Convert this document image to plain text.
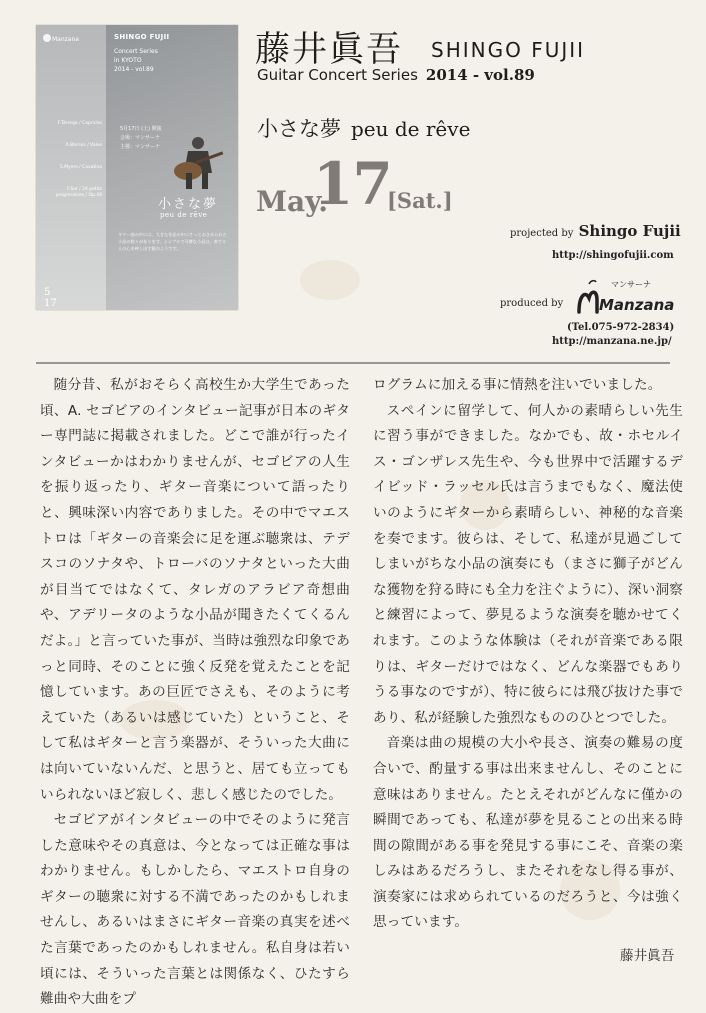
Manzana	SHINGO FUJII
Concert Series
in KYOTO
2014 - vol.89
F.Tárrega / Capricho
A.Barrios / Valse
S.Myers / Cavatina
F.Sor / 24 petits progressives / Op.44
5月17日 (土) 開演
会場：マンサーナ
主催：マンサーナ
小さな夢
peu de rêve
ギター曲の中には、大きな作品の中にそっとおさめられた小品の数々があります。シンプルで可憐な小品は、奏でる人の心を映し出す鏡のようです。
5
17
藤井眞吾 SHINGO FUJII
Guitar Concert Series 2014 - vol.89
小さな夢 peu de rêve
May.
17
[Sat.]
projected by Shingo Fujii
http://shingofujii.com
produced by
マンサーナ
Manzana
(Tel.075-972-2834)
http://manzana.ne.jp/

随分昔、私がおそらく高校生か大学生であった頃、A. セゴビアのインタビュー記事が日本のギター専門誌に掲載されました。どこで誰が行ったインタビューかはわかりませんが、セゴビアの人生を振り返ったり、ギター音楽について語ったりと、興味深い内容でありました。その中でマエストロは「ギターの音楽会に足を運ぶ聴衆は、テデスコのソナタや、トローバのソナタといった大曲が目当てではなくて、タレガのアラビア奇想曲や、アデリータのような小品が聞きたくてくるんだよ。」と言っていた事が、当時は強烈な印象であっと同時、そのことに強く反発を覚えたことを記憶しています。あの巨匠でさえも、そのように考えていた（あるいは感じていた）ということ、そして私はギターと言う楽器が、そういった大曲には向いていないんだ、と思うと、居ても立ってもいられないほど寂しく、悲しく感じたのでした。

セゴビアがインタビューの中でそのように発言した意味やその真意は、今となっては正確な事はわかりません。もしかしたら、マエストロ自身のギターの聴衆に対する不満であったのかもしれませんし、あるいはまさにギター音楽の真実を述べた言葉であったのかもしれません。私自身は若い頃には、そういった言葉とは関係なく、ひたすら難曲や大曲をプ

ログラムに加える事に情熱を注いでいました。

スペインに留学して、何人かの素晴らしい先生に習う事ができました。なかでも、故・ホセルイス・ゴンザレス先生や、今も世界中で活躍するデイビッド・ラッセル氏は言うまでもなく、魔法使いのようにギターから素晴らしい、神秘的な音楽を奏でます。彼らは、そして、私達が見過ごしてしまいがちな小品の演奏にも（まさに獅子がどんな獲物を狩る時にも全力を注ぐように）、深い洞察と練習によって、夢見るような演奏を聴かせてくれます。このような体験は（それが音楽である限りは、ギターだけではなく、どんな楽器でもありうる事なのですが）、特に彼らには飛び抜けた事であり、私が経験した強烈なもののひとつでした。

音楽は曲の規模の大小や長さ、演奏の難易の度合いで、酌量する事は出来ませんし、そのことに意味はありません。たとえそれがどんなに僅かの瞬間であっても、私達が夢を見ることの出来る時間の隙間がある事を発見する事にこそ、音楽の楽しみはあるだろうし、またそれをなし得る事が、演奏家には求められているのだろうと、今は強く思っています。

藤井眞吾
